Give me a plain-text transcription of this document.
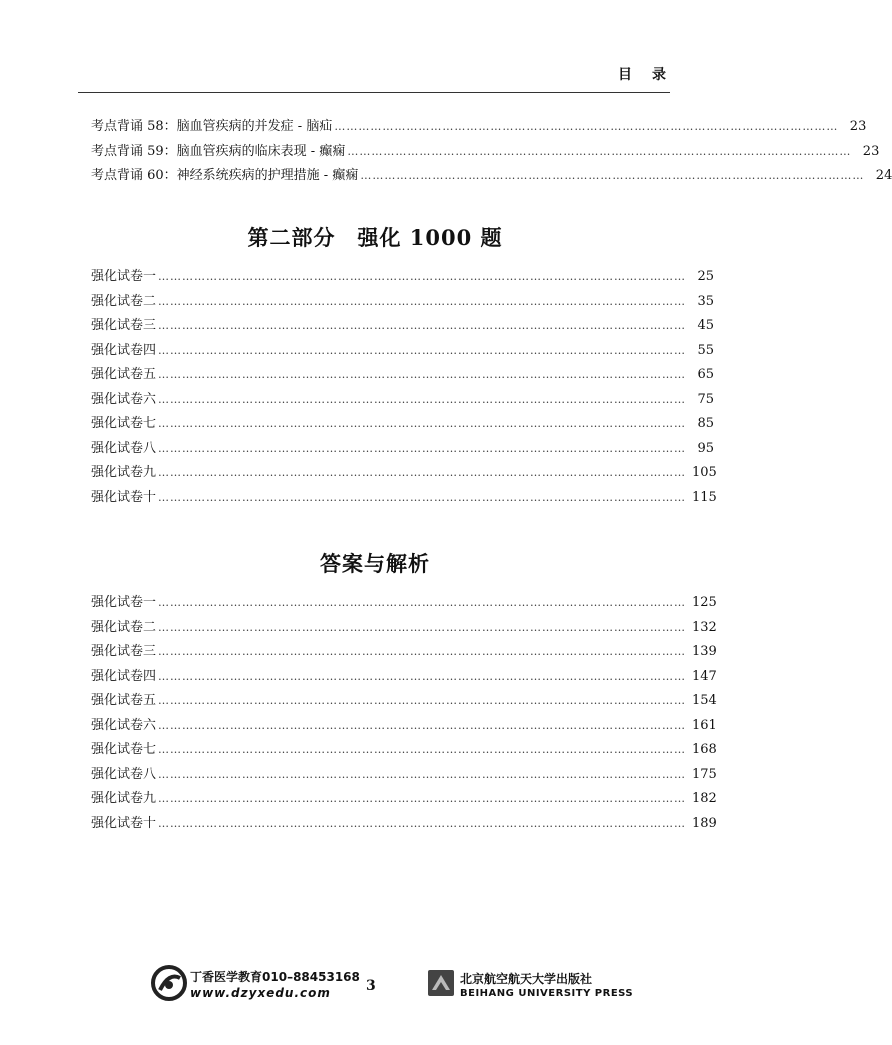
目 录
考点背诵 58：脑血管疾病的并发症 - 脑疝 ……………………………………………………………………………………………………………… 23
考点背诵 59：脑血管疾病的临床表现 - 癫痫 ……………………………………………………………………………………………………………… 23
考点背诵 60：神经系统疾病的护理措施 - 癫痫 ……………………………………………………………………………………………………………… 24
第二部分　强化 1000 题
强化试卷一 …………………………………………………………………………………………………………………… 25
强化试卷二 …………………………………………………………………………………………………………………… 35
强化试卷三 …………………………………………………………………………………………………………………… 45
强化试卷四 …………………………………………………………………………………………………………………… 55
强化试卷五 …………………………………………………………………………………………………………………… 65
强化试卷六 …………………………………………………………………………………………………………………… 75
强化试卷七 …………………………………………………………………………………………………………………… 85
强化试卷八 …………………………………………………………………………………………………………………… 95
强化试卷九 …………………………………………………………………………………………………………………… 105
强化试卷十 …………………………………………………………………………………………………………………… 115
答案与解析
强化试卷一 …………………………………………………………………………………………………………………… 125
强化试卷二 …………………………………………………………………………………………………………………… 132
强化试卷三 …………………………………………………………………………………………………………………… 139
强化试卷四 …………………………………………………………………………………………………………………… 147
强化试卷五 …………………………………………………………………………………………………………………… 154
强化试卷六 …………………………………………………………………………………………………………………… 161
强化试卷七 …………………………………………………………………………………………………………………… 168
强化试卷八 …………………………………………………………………………………………………………………… 175
强化试卷九 …………………………………………………………………………………………………………………… 182
强化试卷十 …………………………………………………………………………………………………………………… 189
丁香医学教育010–88453168
www.dzyxedu.com	3	北京航空航天大学出版社
BEIHANG UNIVERSITY PRESS
